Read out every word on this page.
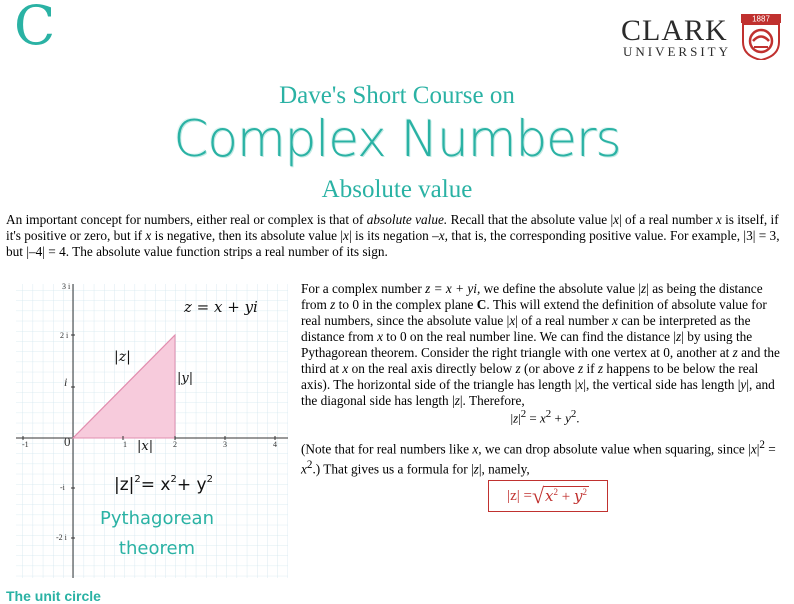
C	CLARK
UNIVERSITY
1887
Dave's Short Course on
Complex Numbers
Absolute value

An important concept for numbers, either real or complex is that of absolute value. Recall that the absolute value |x| of a real number x is itself, if it's positive or zero, but if x is negative, then its absolute value |x| is its negation –x, that is, the corresponding positive value. For example, |3| = 3, but |–4| = 4. The absolute value function strips a real number of its sign.

For a complex number z = x + yi, we define the absolute value |z| as being the distance from z to 0 in the complex plane C. This will extend the definition of absolute value for real numbers, since the absolute value |x| of a real number x can be interpreted as the distance from x to 0 on the real number line. We can find the distance |z| by using the Pythagorean theorem. Consider the right triangle with one vertex at 0, another at z and the third at x on the real axis directly below z (or above z if z happens to be below the real axis). The horizontal side of the triangle has length |x|, the vertical side has length |y|, and the diagonal side has length |z|. Therefore,

$|z|^2 = x^2 + y^2$.

(Note that for real numbers like x, we can drop absolute value when squaring, since $|x|^2 = x^2$.) That gives us a formula for |z|, namely,

|z| = √ $x^2 + y^2$
-1	1	2	3	4
3 i
2 i
-i
-2 i
i
0
z = x + yi
|z|
|y|
|x|
$|z|^2= x^2+ y^2$
Pythagorean
theorem
The unit circle
